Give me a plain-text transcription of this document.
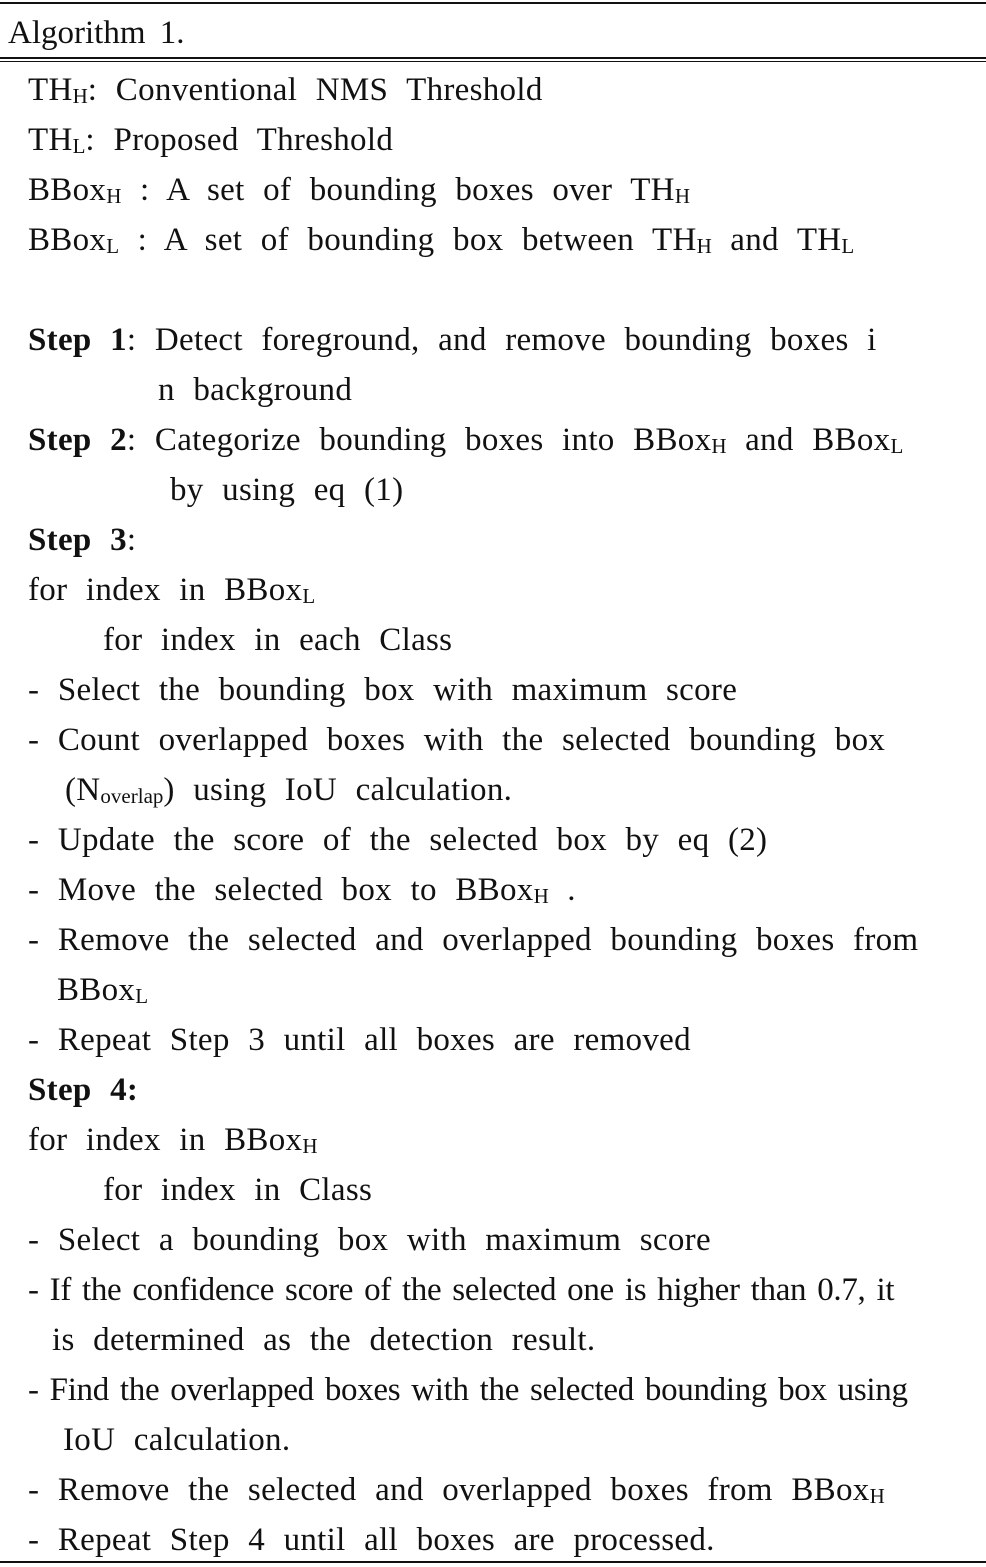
Algorithm 1.
$TH_H$: Conventional NMS Threshold
$TH_L$: Proposed Threshold
BBox$_H$ : A set of bounding boxes over $TH_H$
BBox$_L$ : A set of bounding box between $TH_H$ and $TH_L$
Step 1: Detect foreground, and remove bounding boxes i
n background
Step 2: Categorize bounding boxes into BBox$_H$ and BBox$_L$
by using eq (1)
Step 3:
for index in BBox$_L$
for index in each Class
- Select the bounding box with maximum score
- Count overlapped boxes with the selected bounding box
$(N_{overlap})$ using IoU calculation.
- Update the score of the selected box by eq (2)
- Move the selected box to BBox$_H$ .
- Remove the selected and overlapped bounding boxes from
BBox$_L$
- Repeat Step 3 until all boxes are removed
Step 4:
for index in BBox$_H$
for index in Class
- Select a bounding box with maximum score
- If the confidence score of the selected one is higher than 0.7, it
is determined as the detection result.
- Find the overlapped boxes with the selected bounding box using
IoU calculation.
- Remove the selected and overlapped boxes from BBox$_H$
- Repeat Step 4 until all boxes are processed.
